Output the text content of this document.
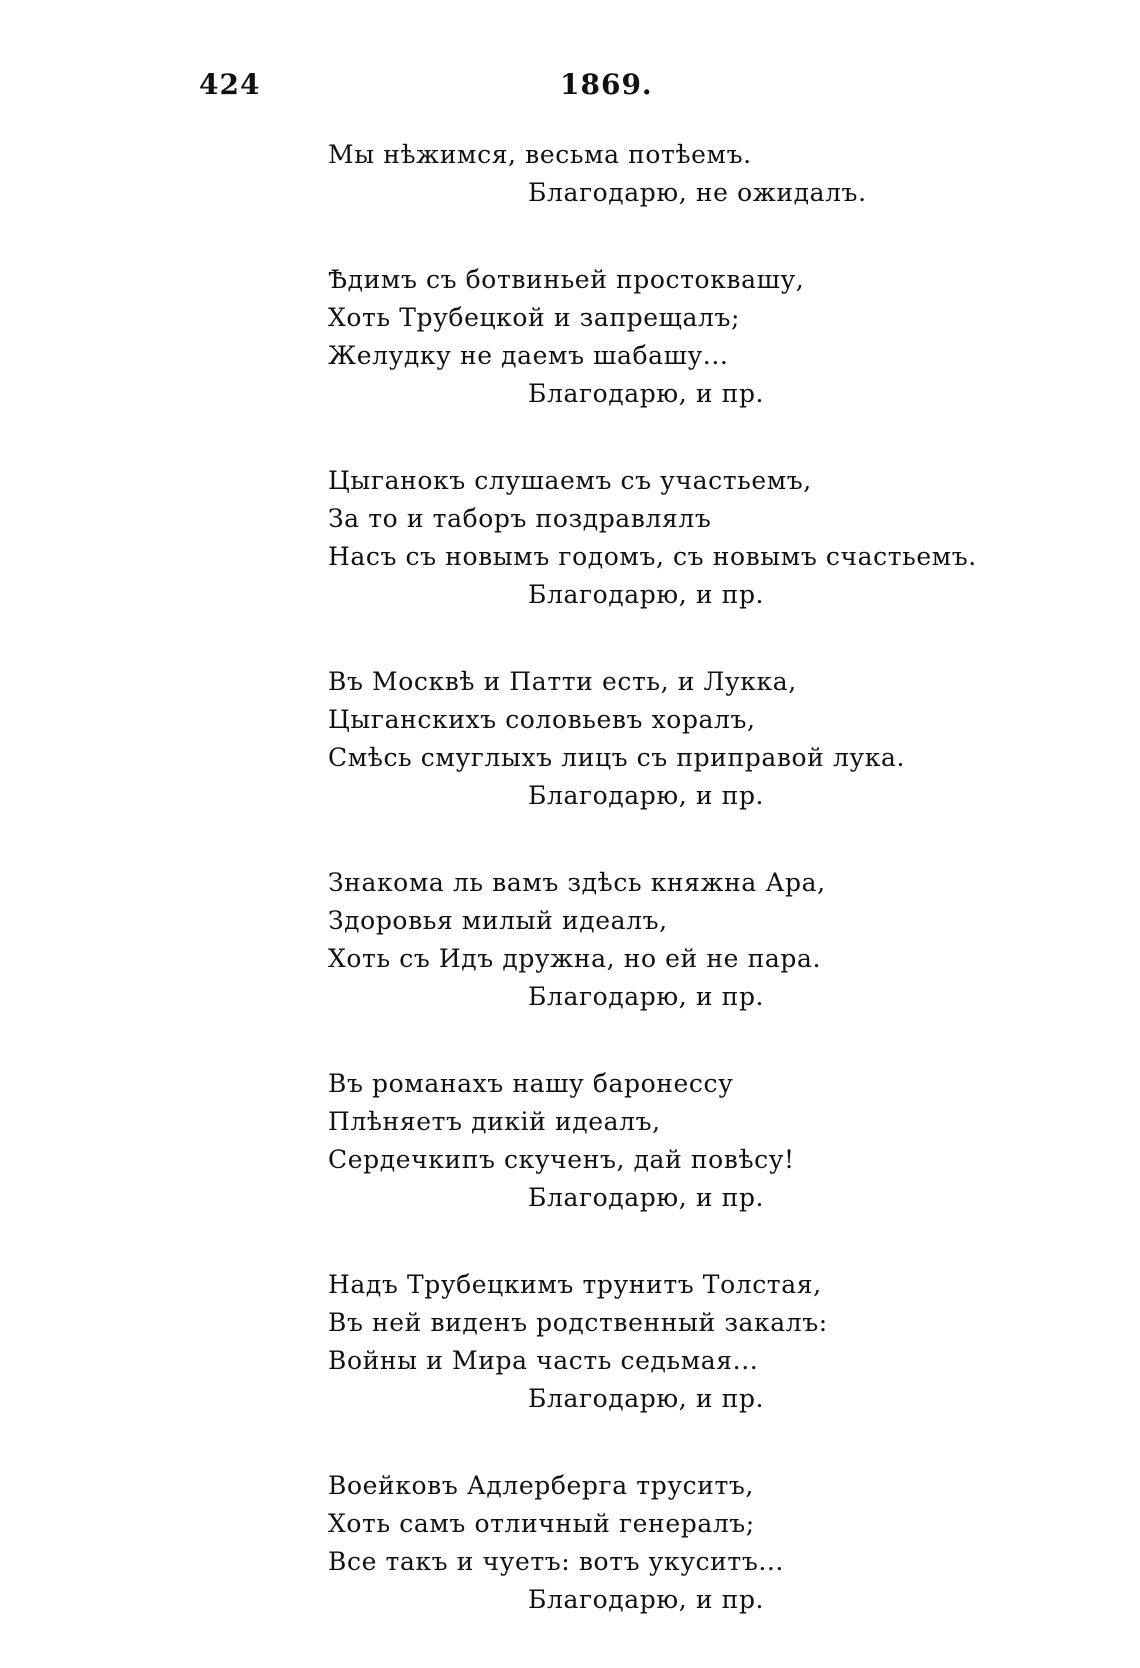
424	1869.
Мы нѣжимся, весьма потѣемъ.
Благодарю, не ожидалъ.
Ѣдимъ съ ботвиньей простоквашу,
Хоть Трубецкой и запрещалъ;
Желудку не даемъ шабашу...
Благодарю, и пр.
Цыганокъ слушаемъ съ участьемъ,
За то и таборъ поздравлялъ
Насъ съ новымъ годомъ, съ новымъ счастьемъ.
Благодарю, и пр.
Въ Москвѣ и Патти есть, и Лукка,
Цыганскихъ соловьевъ хоралъ,
Смѣсь смуглыхъ лицъ съ приправой лука.
Благодарю, и пр.
Знакома ль вамъ здѣсь княжна Ара,
Здоровья милый идеалъ,
Хоть съ Идъ дружна, но ей не пара.
Благодарю, и пр.
Въ романахъ нашу баронессу
Плѣняетъ дикій идеалъ,
Сердечкипъ скученъ, дай повѣсу!
Благодарю, и пр.
Надъ Трубецкимъ трунитъ Толстая,
Въ ней виденъ родственный закалъ:
Войны и Мира часть седьмая...
Благодарю, и пр.
Воейковъ Адлерберга труситъ,
Хоть самъ отличный генералъ;
Все такъ и чуетъ: вотъ укуситъ...
Благодарю, и пр.
